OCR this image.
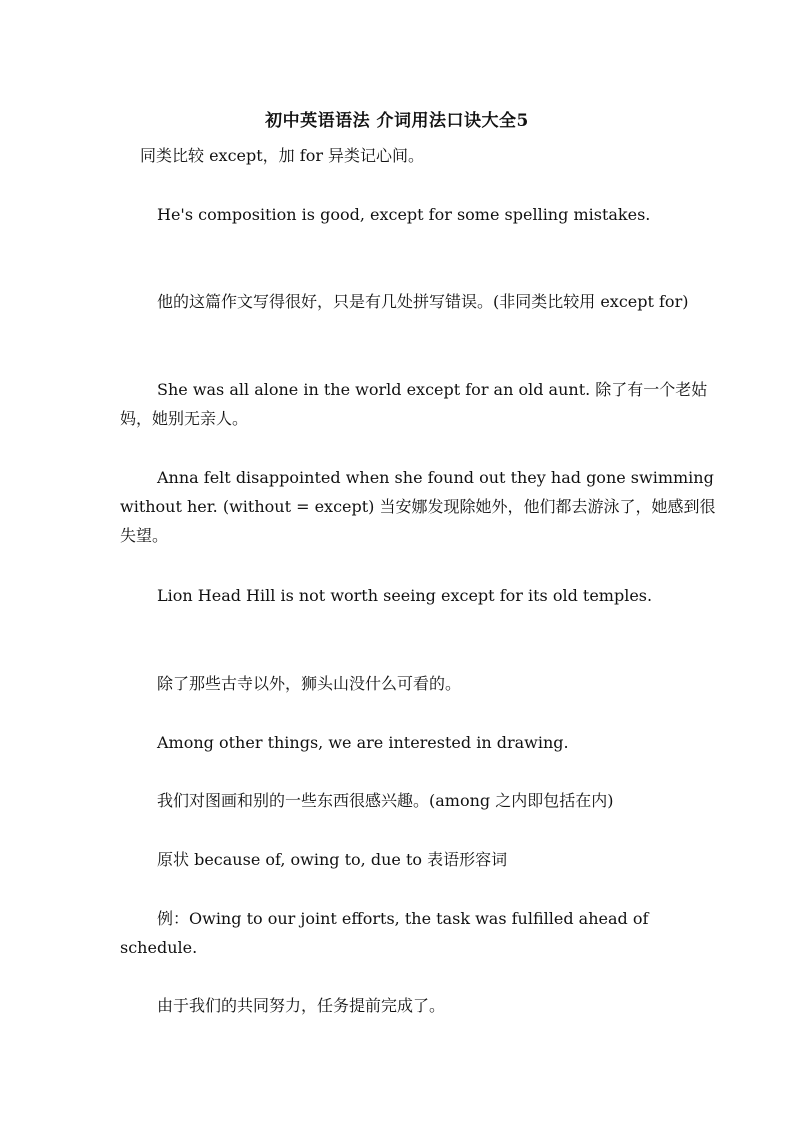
初中英语语法 介词用法口诀大全5
同类比较 except，加 for 异类记心间。
He's composition is good, except for some spelling mistakes.
他的这篇作文写得很好，只是有几处拼写错误。(非同类比较用 except for)
She was all alone in the world except for an old aunt. 除了有一个老姑妈，她别无亲人。
Anna felt disappointed when she found out they had gone swimming without her. (without = except) 当安娜发现除她外，他们都去游泳了，她感到很失望。
Lion Head Hill is not worth seeing except for its old temples.
除了那些古寺以外，狮头山没什么可看的。
Among other things, we are interested in drawing.
我们对图画和别的一些东西很感兴趣。(among 之内即包括在内)
原状 because of, owing to, due to 表语形容词
例：Owing to our joint efforts, the task was fulfilled ahead of schedule.
由于我们的共同努力，任务提前完成了。
